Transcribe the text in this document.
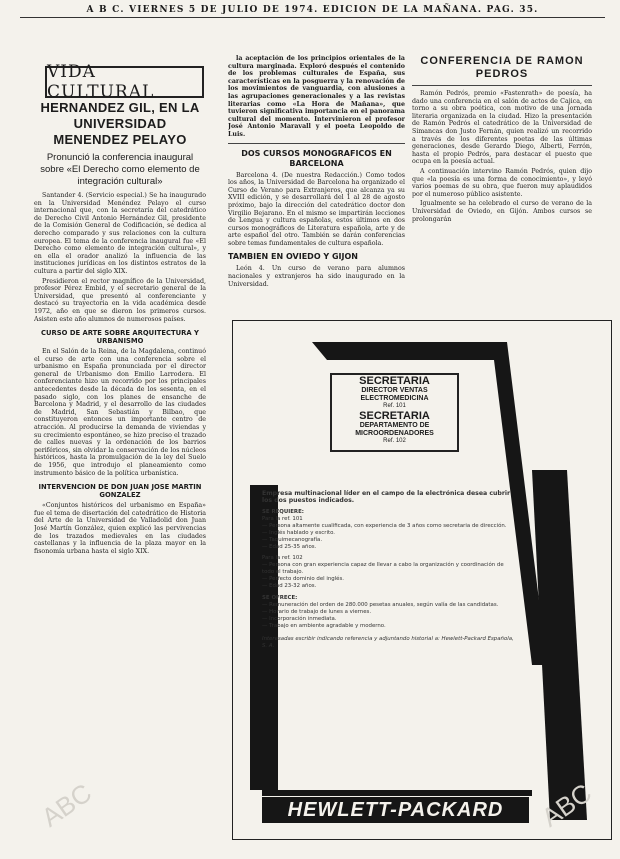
A B C. VIERNES 5 DE JULIO DE 1974. EDICION DE LA MAÑANA. PAG. 35.
VIDA CULTURAL
HERNANDEZ GIL, EN LA UNIVERSIDAD MENENDEZ PELAYO
Pronunció la conferencia inaugural sobre «El Derecho como elemento de integración cultural»

Santander 4. (Servicio especial.) Se ha inaugurado en la Universidad Menéndez Pelayo el curso internacional que, con la secretaría del catedrático de Derecho Civil Antonio Hernández Gil, presidente de la Comisión General de Codificación, se dedica al derecho comparado y sus relaciones con la cultura europea. El tema de la conferencia inaugural fue «El Derecho como elemento de integración cultural», y en ella el orador analizó la influencia de las instituciones jurídicas en los distintos estratos de la cultura a partir del siglo XIX.

Presidieron el rector magnífico de la Universidad, profesor Pérez Embid, y el secretario general de la Universidad, que presentó al conferenciante y destacó su trayectoria en la vida académica desde 1972, año en que se dieron los primeros cursos. Asisten este año alumnos de numerosos países.

CURSO DE ARTE SOBRE ARQUITECTURA Y URBANISMO

En el Salón de la Reina, de la Magdalena, continuó el curso de arte con una conferencia sobre el urbanismo en España pronunciada por el director general de Urbanismo don Emilio Larrodera. El conferenciante hizo un recorrido por los principales antecedentes desde la década de los sesenta, en el pasado siglo, con los planes de ensanche de Barcelona y Madrid, y el desarrollo de las ciudades de Madrid, San Sebastián y Bilbao, que constituyeron entonces un importante centro de atracción. Al producirse la demanda de viviendas y su crecimiento espontáneo, se hizo preciso el trazado de calles nuevas y la ordenación de los barrios periféricos, sin olvidar la conservación de los núcleos históricos, hasta la promulgación de la ley del Suelo de 1956, que introdujo el planeamiento como instrumento básico de la política urbanística.

INTERVENCION DE DON JUAN JOSE MARTIN GONZALEZ

«Conjuntos históricos del urbanismo en España» fue el tema de disertación del catedrático de Historia del Arte de la Universidad de Valladolid don Juan José Martín González, quien explicó las pervivencias de los trazados medievales en las ciudades castellanas y la influencia de la plaza mayor en la fisonomía urbana hasta el siglo XIX.

la aceptación de los principios orientales de la cultura marginada. Exploró después el contenido de los problemas culturales de España, sus características en la posguerra y la renovación de los movimientos de vanguardia, con alusiones a las agrupaciones generacionales y a las revistas literarias como «La Hora de Mañana», que tuvieron significativa importancia en el panorama cultural del momento. Intervinieron el profesor José Antonio Maravall y el poeta Leopoldo de Luis.

DOS CURSOS MONOGRAFICOS EN BARCELONA

Barcelona 4. (De nuestra Redacción.) Como todos los años, la Universidad de Barcelona ha organizado el Curso de Verano para Extranjeros, que alcanza ya su XVIII edición, y se desarrollará del 1 al 28 de agosto próximo, bajo la dirección del catedrático doctor don Virgilio Bejarano. En el mismo se impartirán lecciones de Lengua y cultura españolas, estos últimos en dos cursos monográficos de Literatura española, arte y de arte español del otro. También se darán conferencias sobre temas fundamentales de cultura española.

TAMBIEN EN OVIEDO Y GIJON

León 4. Un curso de verano para alumnos nacionales y extranjeros ha sido inaugurado en la Universidad.

CONFERENCIA DE RAMON PEDROS

Ramón Pedrós, premio «Fastenrath» de poesía, ha dado una conferencia en el salón de actos de Cajica, en torno a su obra poética, con motivo de una jornada literaria organizada en la ciudad. Hizo la presentación de Ramón Pedrós el catedrático de la Universidad de Simancas don Justo Fernán, quien realizó un recorrido a través de los diferentes poetas de las últimas generaciones, desde Gerardo Diego, Alberti, Ferrón, hasta el propio Pedrós, para destacar el puesto que ocupa en la poesía actual.

A continuación intervino Ramón Pedrós, quien dijo que «la poesía es una forma de conocimiento», y leyó varios poemas de su obra, que fueron muy aplaudidos por el numeroso público asistente.

Igualmente se ha celebrado el curso de verano de la Universidad de Oviedo, en Gijón. Ambos cursos se prolongarán

SECRETARIA
DIRECTOR VENTAS
ELECTROMEDICINA
Ref. 101
SECRETARIA
DEPARTAMENTO DE
MICROORDENADORES
Ref. 102
Empresa multinacional líder en el campo de la electrónica desea cubrir los dos puestos indicados.
SE REQUIERE:
Para la ref. 101
— Persona altamente cualificada, con experiencia de 3 años como secretaria de dirección.
— Inglés hablado y escrito.
— Taquimecanografía.
— Edad 25-35 años.
Para la ref. 102
— Persona con gran experiencia capaz de llevar a cabo la organización y coordinación de todo el trabajo.
— Perfecto dominio del inglés.
— Edad 23-32 años.
SE OFRECE:
— Remuneración del orden de 280.000 pesetas anuales, según valía de las candidatas.
— Horario de trabajo de lunes a viernes.
— Incorporación inmediata.
— Trabajo en ambiente agradable y moderno.
Interesadas escribir indicando referencia y adjuntando historial a: Hewlett-Packard Española, S. A.
HEWLETT-PACKARD
ABC	ABC
